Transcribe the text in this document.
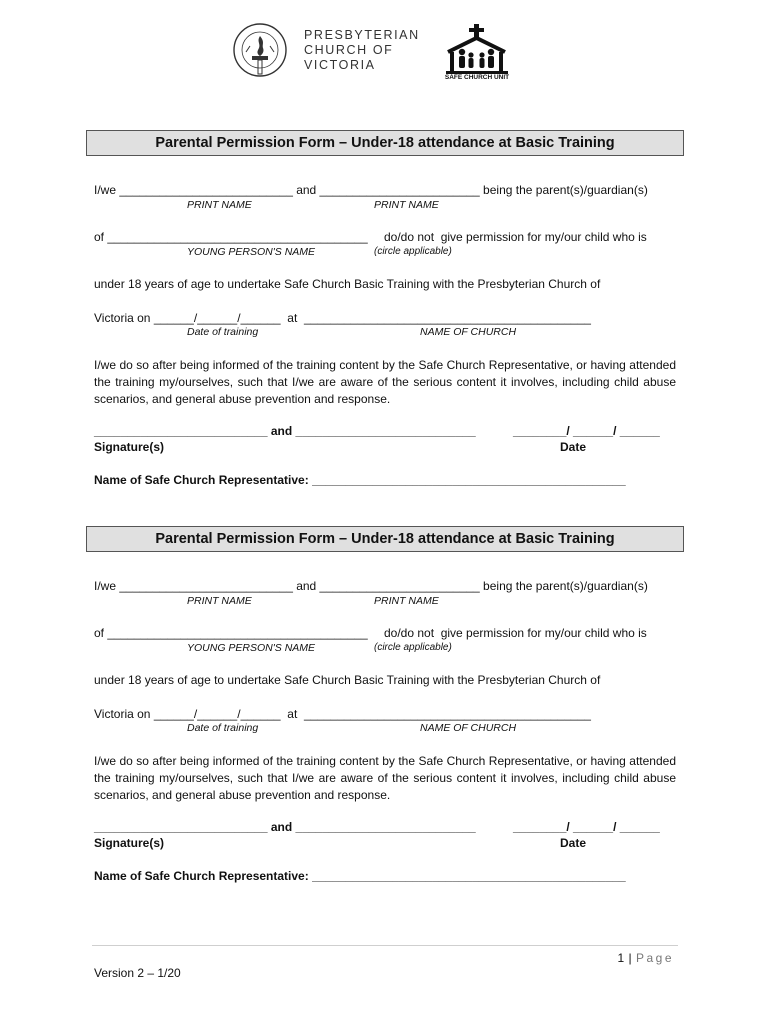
PRESBYTERIAN
CHURCH OF
VICTORIA
SAFE CHURCH UNIT
Parental Permission Form – Under-18 attendance at Basic Training
I/we __________________________ and ________________________ being the parent(s)/guardian(s)
PRINT NAME	PRINT NAME
of _______________________________________ do/do not  give permission for my/our child who is
YOUNG PERSON'S NAME	(circle applicable)
under 18 years of age to undertake Safe Church Basic Training with the Presbyterian Church of
Victoria on ______/______/______  at  ___________________________________________
Date of training	NAME OF CHURCH
I/we do so after being informed of the training content by the Safe Church Representative, or having attended the training my/ourselves, such that I/we are aware of the serious content it involves, including child abuse scenarios, and general abuse prevention and response.
__________________________ and ___________________________	________/ ______/ ______
Signature(s)	Date
Name of Safe Church Representative: _______________________________________________
Parental Permission Form – Under-18 attendance at Basic Training
I/we __________________________ and ________________________ being the parent(s)/guardian(s)
PRINT NAME	PRINT NAME
of _______________________________________ do/do not  give permission for my/our child who is
YOUNG PERSON'S NAME	(circle applicable)
under 18 years of age to undertake Safe Church Basic Training with the Presbyterian Church of
Victoria on ______/______/______  at  ___________________________________________
Date of training	NAME OF CHURCH
I/we do so after being informed of the training content by the Safe Church Representative, or having attended the training my/ourselves, such that I/we are aware of the serious content it involves, including child abuse scenarios, and general abuse prevention and response.
__________________________ and ___________________________	________/ ______/ ______
Signature(s)	Date
Name of Safe Church Representative: _______________________________________________
1 | Page
Version 2 – 1/20
